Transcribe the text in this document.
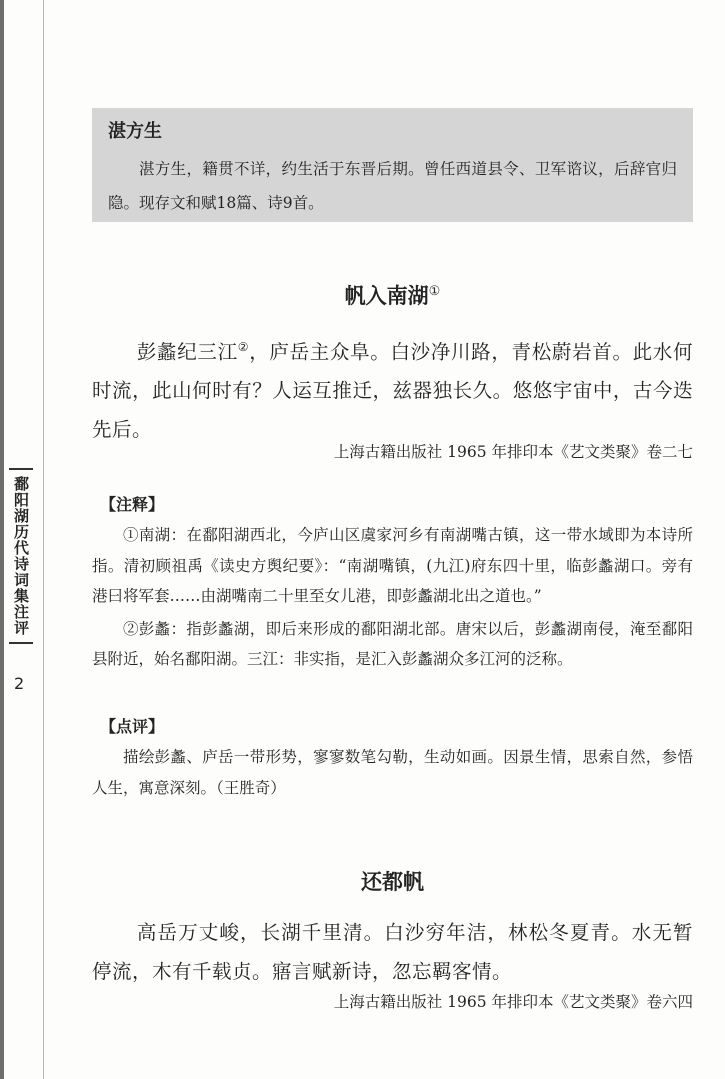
鄱阳湖历代诗词集注评
2
湛方生
湛方生，籍贯不详，约生活于东晋后期。曾任西道县令、卫军谘议，后辞官归隐。现存文和赋18篇、诗9首。
帆入南湖①
彭蠡纪三江②，庐岳主众阜。白沙净川路，青松蔚岩首。此水何时流，此山何时有？人运互推迁，兹器独长久。悠悠宇宙中，古今迭先后。
上海古籍出版社 1965 年排印本《艺文类聚》卷二七
【注释】

①南湖：在鄱阳湖西北，今庐山区虞家河乡有南湖嘴古镇，这一带水域即为本诗所指。清初顾祖禹《读史方舆纪要》：“南湖嘴镇，(九江)府东四十里，临彭蠡湖口。旁有港曰将军套……由湖嘴南二十里至女儿港，即彭蠡湖北出之道也。”

②彭蠡：指彭蠡湖，即后来形成的鄱阳湖北部。唐宋以后，彭蠡湖南侵，淹至鄱阳县附近，始名鄱阳湖。三江：非实指，是汇入彭蠡湖众多江河的泛称。

【点评】

描绘彭蠡、庐岳一带形势，寥寥数笔勾勒，生动如画。因景生情，思索自然，参悟人生，寓意深刻。（王胜奇）

还都帆
高岳万丈峻，长湖千里清。白沙穷年洁，林松冬夏青。水无暂停流，木有千载贞。寤言赋新诗，忽忘羁客情。
上海古籍出版社 1965 年排印本《艺文类聚》卷六四
